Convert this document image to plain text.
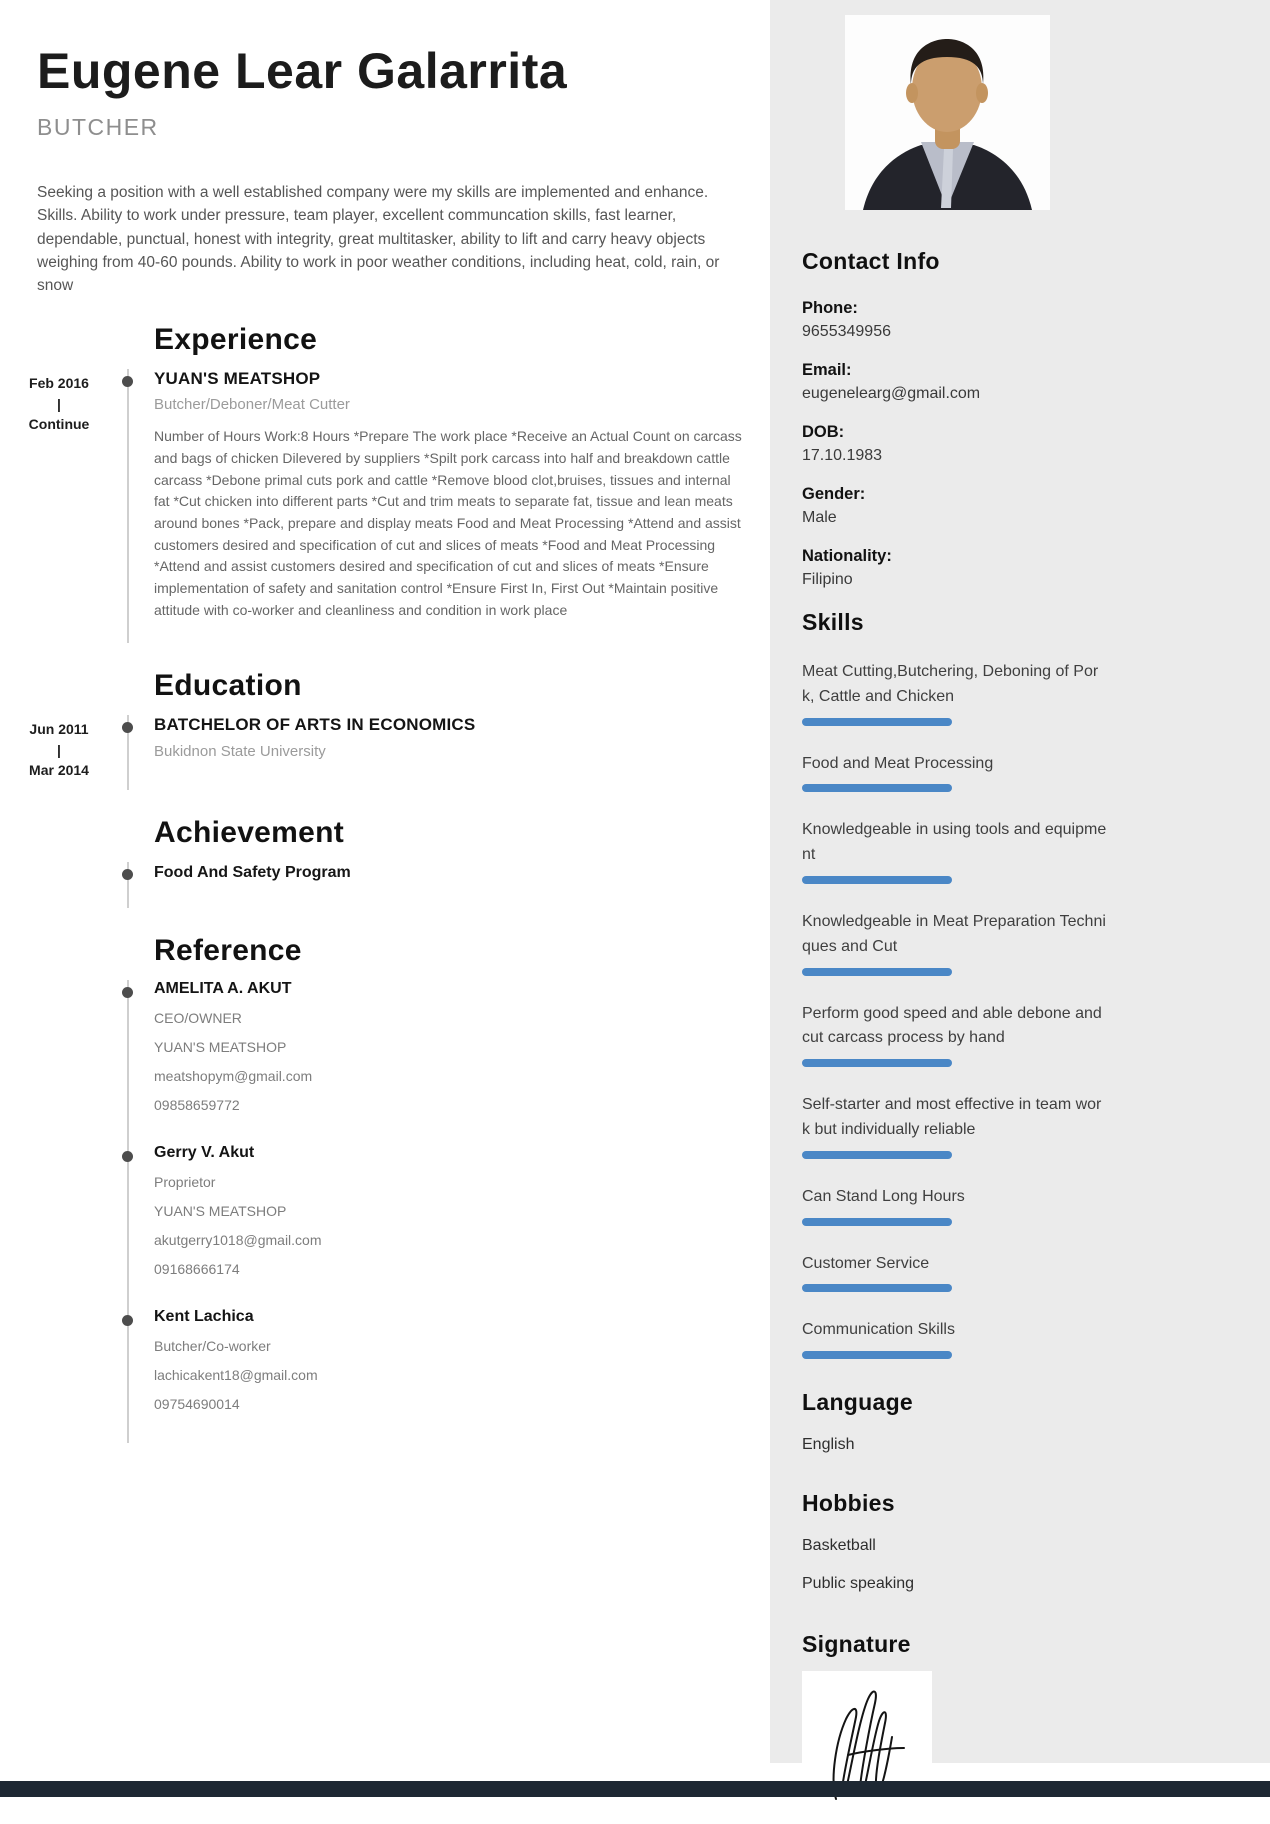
Eugene Lear Galarrita
BUTCHER
Seeking a position with a well established company were my skills are implemented and enhance. Skills. Ability to work under pressure, team player, excellent communcation skills, fast learner, dependable, punctual, honest with integrity, great multitasker, ability to lift and carry heavy objects weighing from 40-60 pounds. Ability to work in poor weather conditions, including heat, cold, rain, or snow
Experience
Feb 2016
|
Continue
YUAN'S MEATSHOP
Butcher/Deboner/Meat Cutter
Number of Hours Work:8 Hours *Prepare The work place *Receive an Actual Count on carcass and bags of chicken Dilevered by suppliers *Spilt pork carcass into half and breakdown cattle carcass *Debone primal cuts pork and cattle *Remove blood clot,bruises, tissues and internal fat *Cut chicken into different parts *Cut and trim meats to separate fat, tissue and lean meats around bones *Pack, prepare and display meats Food and Meat Processing *Attend and assist customers desired and specification of cut and slices of meats *Food and Meat Processing *Attend and assist customers desired and specification of cut and slices of meats *Ensure implementation of safety and sanitation control *Ensure First In, First Out *Maintain positive attitude with co-worker and cleanliness and condition in work place
Education
Jun 2011
|
Mar 2014
BATCHELOR OF ARTS IN ECONOMICS
Bukidnon State University
Achievement
Food And Safety Program
Reference
AMELITA A. AKUT
CEO/OWNER
YUAN'S MEATSHOP
meatshopym@gmail.com
09858659772
Gerry V. Akut
Proprietor
YUAN'S MEATSHOP
akutgerry1018@gmail.com
09168666174
Kent Lachica
Butcher/Co-worker
lachicakent18@gmail.com
09754690014
Contact Info
Phone:
9655349956
Email:
eugenelearg@gmail.com
DOB:
17.10.1983
Gender:
Male
Nationality:
Filipino
Skills
Meat Cutting,Butchering, Deboning of Pork, Cattle and Chicken
Food and Meat Processing
Knowledgeable in using tools and equipment
Knowledgeable in Meat Preparation Techniques and Cut
Perform good speed and able debone and cut carcass process by hand
Self-starter and most effective in team work but individually reliable
Can Stand Long Hours
Customer Service
Communication Skills
Language
English
Hobbies
Basketball
Public speaking
Signature
